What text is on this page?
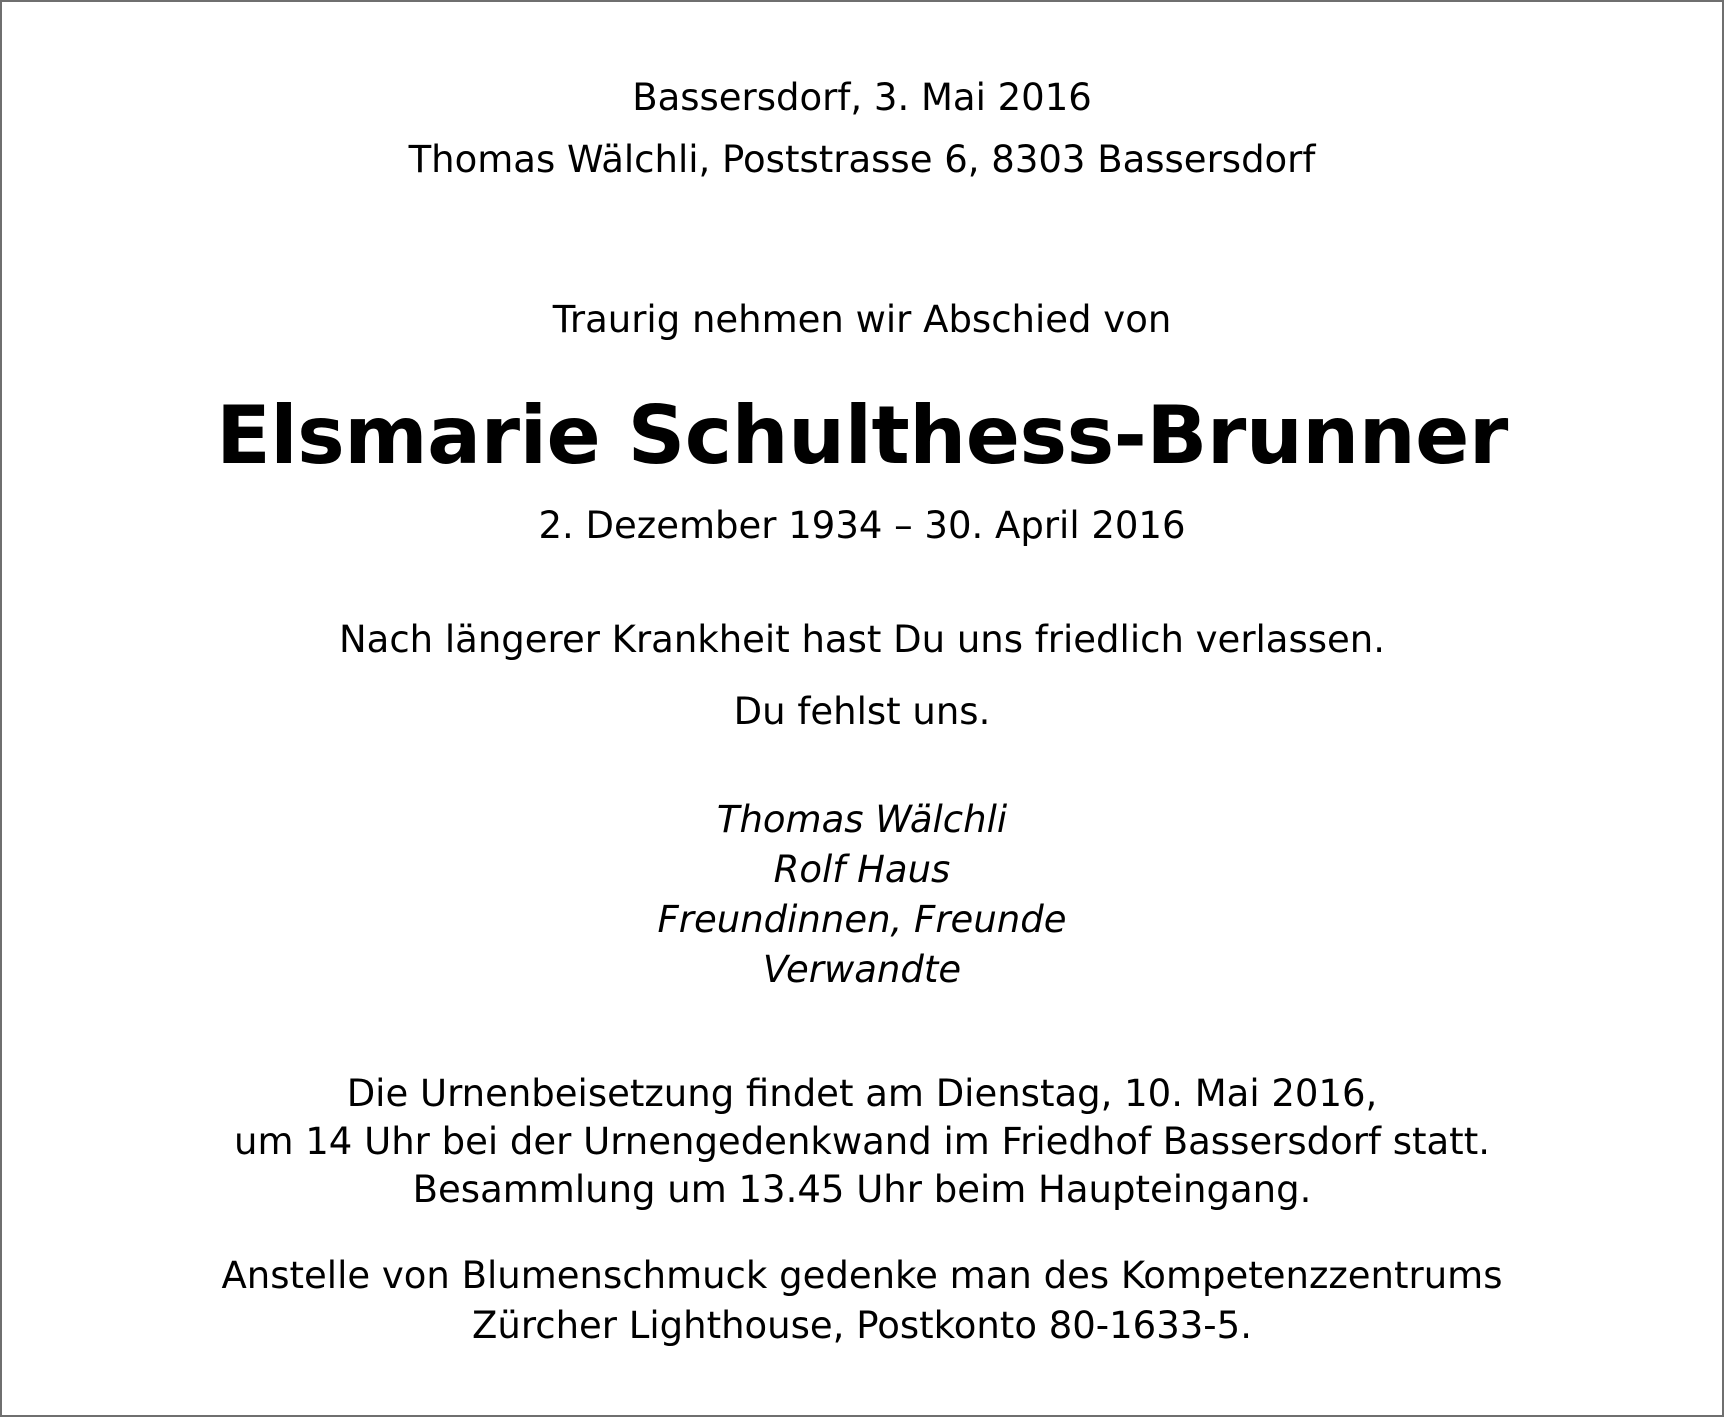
Bassersdorf, 3. Mai 2016

Thomas Wälchli, Poststrasse 6, 8303 Bassersdorf

Traurig nehmen wir Abschied von

Elsmarie Schulthess-Brunner

2. Dezember 1934 – 30. April 2016

Nach längerer Krankheit hast Du uns friedlich verlassen.

Du fehlst uns.

Thomas Wälchli

Rolf Haus

Freundinnen, Freunde

Verwandte

Die Urnenbeisetzung findet am Dienstag, 10. Mai 2016,

um 14 Uhr bei der Urnengedenkwand im Friedhof Bassersdorf statt.

Besammlung um 13.45 Uhr beim Haupteingang.

Anstelle von Blumenschmuck gedenke man des Kompetenzzentrums

Zürcher Lighthouse, Postkonto 80-1633-5.
